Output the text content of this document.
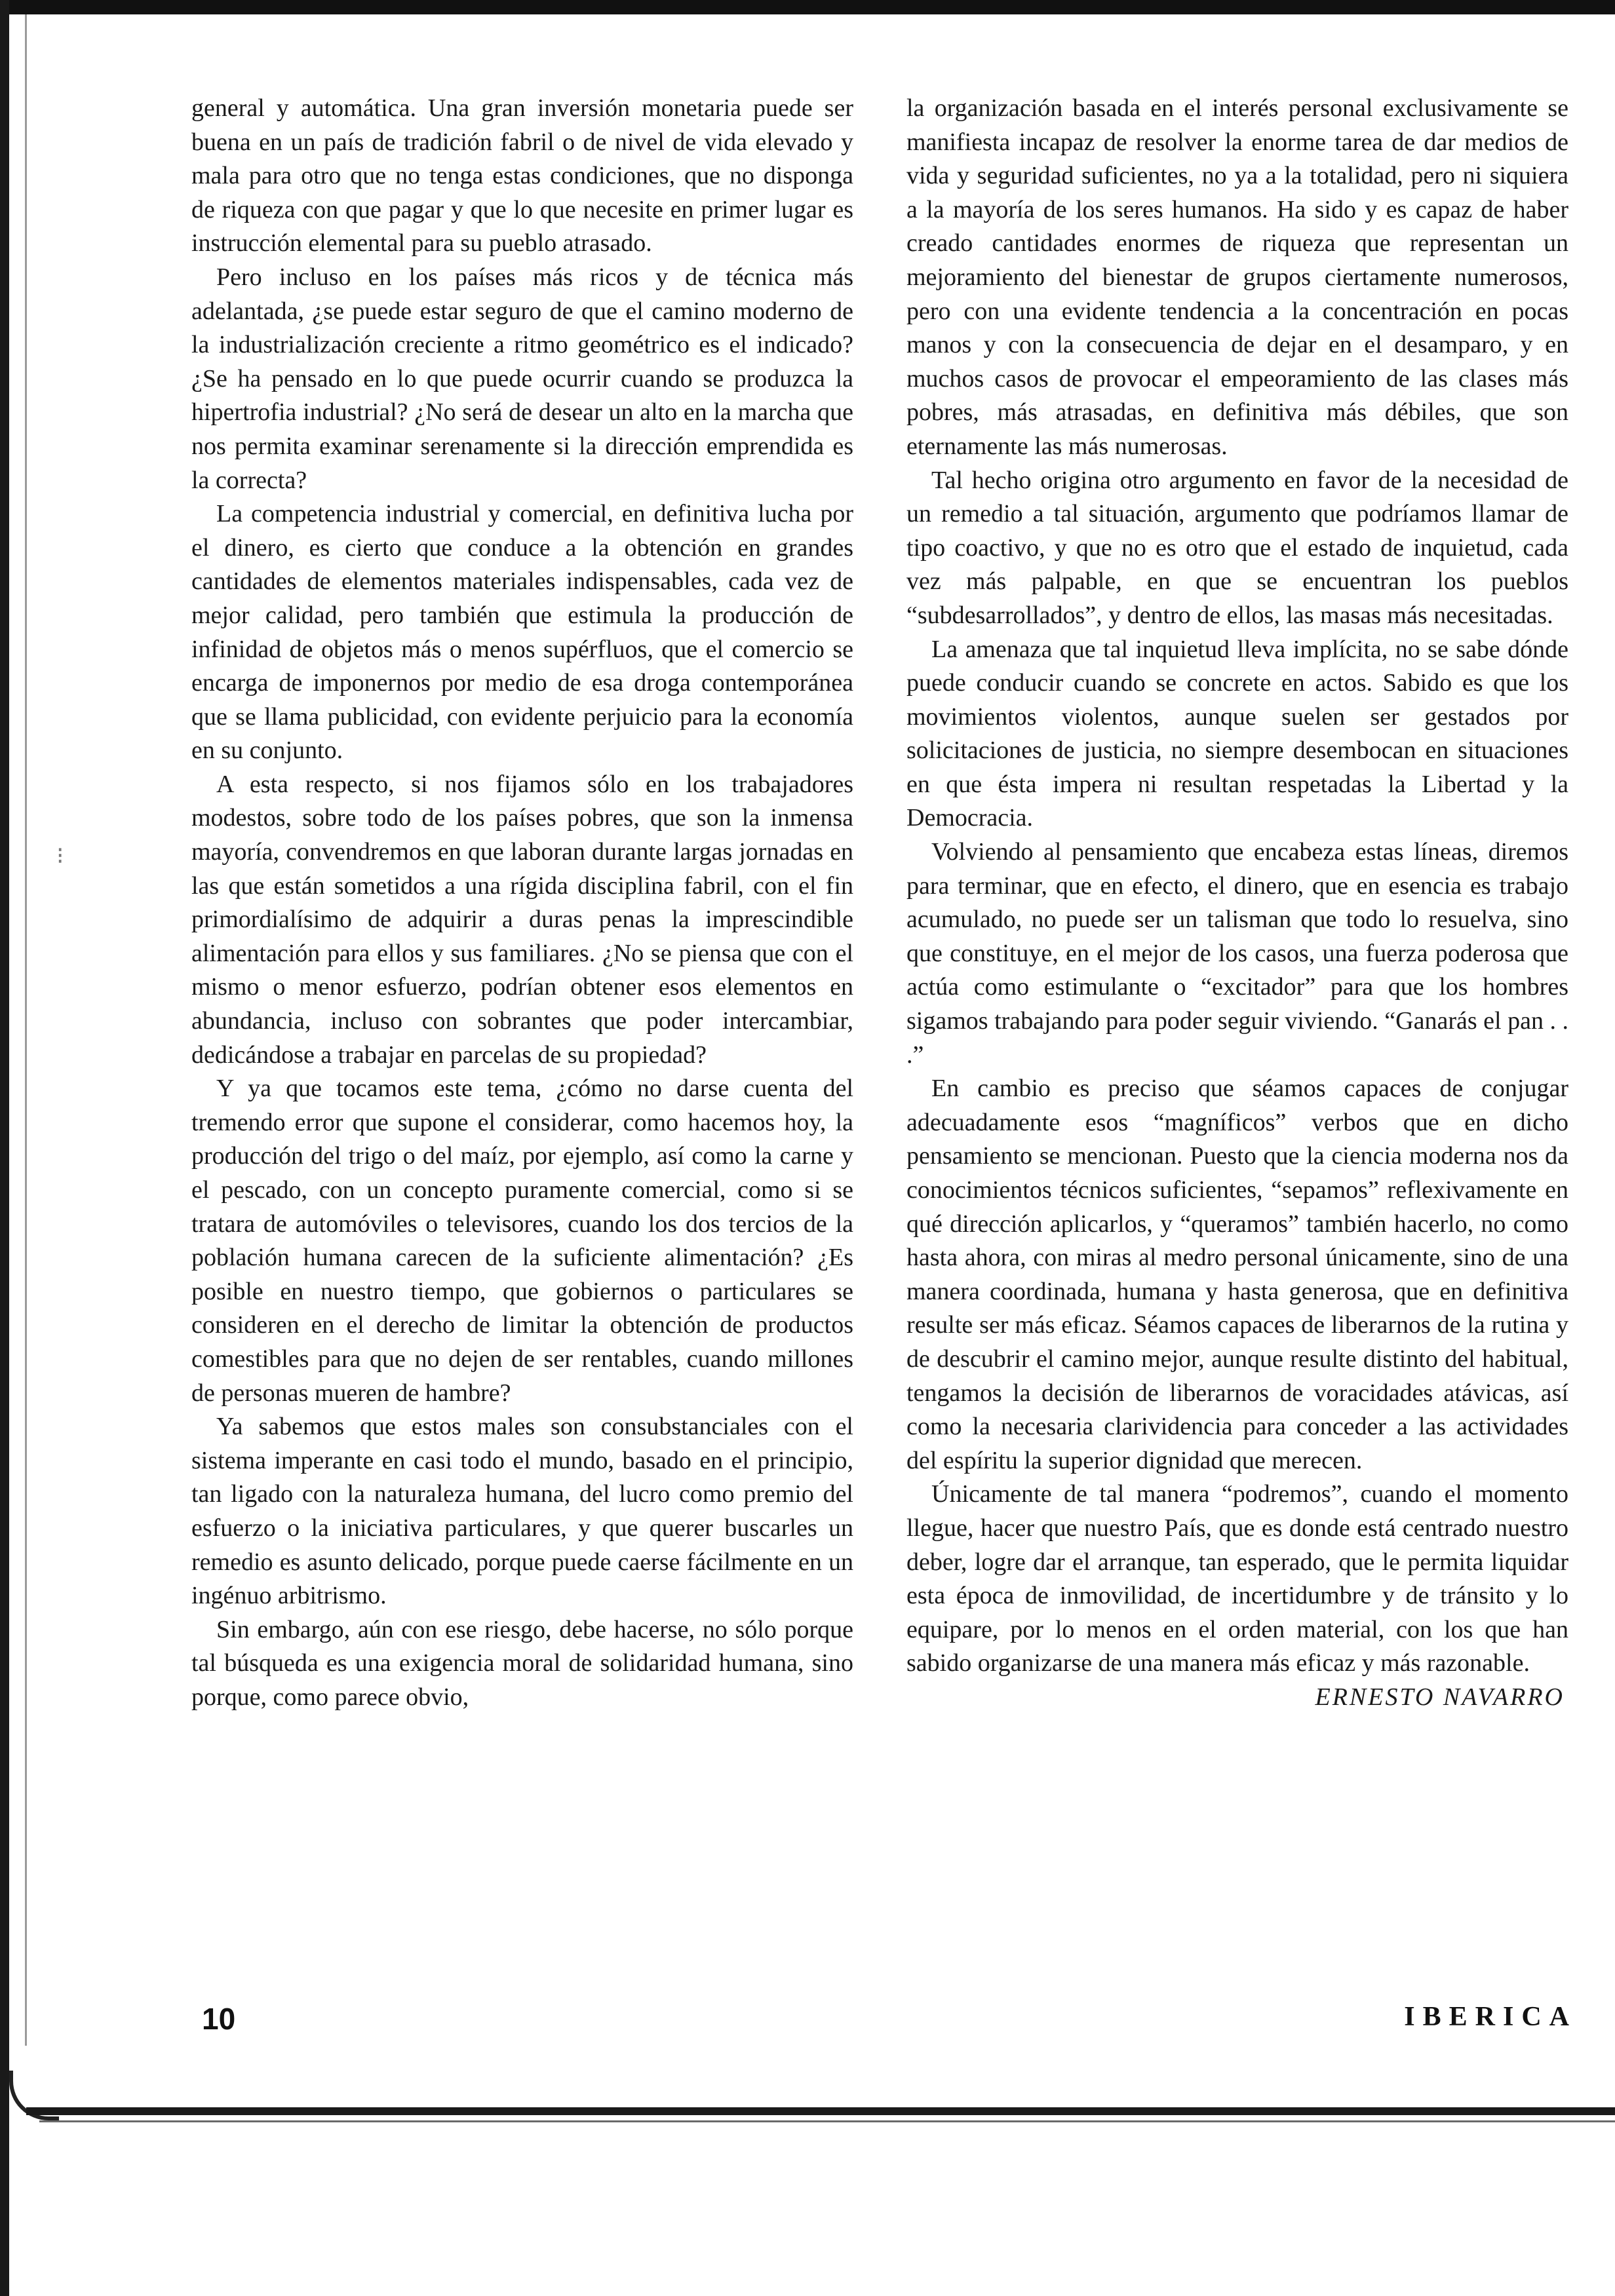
⁝

general y automática. Una gran inversión monetaria puede ser buena en un país de tradición fabril o de nivel de vida elevado y mala para otro que no tenga estas condiciones, que no disponga de riqueza con que pagar y que lo que necesite en primer lugar es instrucción elemental para su pueblo atrasado.

Pero incluso en los países más ricos y de técnica más adelantada, ¿se puede estar seguro de que el camino moderno de la industrialización creciente a ritmo geométrico es el indicado? ¿Se ha pensado en lo que puede ocurrir cuando se produzca la hipertrofia industrial? ¿No será de desear un alto en la marcha que nos permita examinar serenamente si la dirección emprendida es la correcta?

La competencia industrial y comercial, en definitiva lucha por el dinero, es cierto que conduce a la obtención en grandes cantidades de elementos materiales indispensables, cada vez de mejor calidad, pero también que estimula la producción de infinidad de objetos más o menos supérfluos, que el comercio se encarga de imponernos por medio de esa droga contemporánea que se llama publicidad, con evidente perjuicio para la economía en su conjunto.

A esta respecto, si nos fijamos sólo en los trabajadores modestos, sobre todo de los países pobres, que son la inmensa mayoría, convendremos en que laboran durante largas jornadas en las que están sometidos a una rígida disciplina fabril, con el fin primordialísimo de adquirir a duras penas la imprescindible alimentación para ellos y sus familiares. ¿No se piensa que con el mismo o menor esfuerzo, podrían obtener esos elementos en abundancia, incluso con sobrantes que poder intercambiar, dedicándose a trabajar en parcelas de su propiedad?

Y ya que tocamos este tema, ¿cómo no darse cuenta del tremendo error que supone el considerar, como hacemos hoy, la producción del trigo o del maíz, por ejemplo, así como la carne y el pescado, con un concepto puramente comercial, como si se tratara de automóviles o televisores, cuando los dos tercios de la población humana carecen de la suficiente alimentación? ¿Es posible en nuestro tiempo, que gobiernos o particulares se consideren en el derecho de limitar la obtención de productos comestibles para que no dejen de ser rentables, cuando millones de personas mueren de hambre?

Ya sabemos que estos males son consubstanciales con el sistema imperante en casi todo el mundo, basado en el principio, tan ligado con la naturaleza humana, del lucro como premio del esfuerzo o la iniciativa particulares, y que querer buscarles un remedio es asunto delicado, porque puede caerse fácilmente en un ingénuo arbitrismo.

Sin embargo, aún con ese riesgo, debe hacerse, no sólo porque tal búsqueda es una exigencia moral de solidaridad humana, sino porque, como parece obvio,

la organización basada en el interés personal exclusivamente se manifiesta incapaz de resolver la enorme tarea de dar medios de vida y seguridad suficientes, no ya a la totalidad, pero ni siquiera a la mayoría de los seres humanos. Ha sido y es capaz de haber creado cantidades enormes de riqueza que representan un mejoramiento del bienestar de grupos ciertamente numerosos, pero con una evidente tendencia a la concentración en pocas manos y con la consecuencia de dejar en el desamparo, y en muchos casos de provocar el empeoramiento de las clases más pobres, más atrasadas, en definitiva más débiles, que son eternamente las más numerosas.

Tal hecho origina otro argumento en favor de la necesidad de un remedio a tal situación, argumento que podríamos llamar de tipo coactivo, y que no es otro que el estado de inquietud, cada vez más palpable, en que se encuentran los pueblos “subdesarrollados”, y dentro de ellos, las masas más necesitadas.

La amenaza que tal inquietud lleva implícita, no se sabe dónde puede conducir cuando se concrete en actos. Sabido es que los movimientos violentos, aunque suelen ser gestados por solicitaciones de justicia, no siempre desembocan en situaciones en que ésta impera ni resultan respetadas la Libertad y la Democracia.

Volviendo al pensamiento que encabeza estas líneas, diremos para terminar, que en efecto, el dinero, que en esencia es trabajo acumulado, no puede ser un talisman que todo lo resuelva, sino que constituye, en el mejor de los casos, una fuerza poderosa que actúa como estimulante o “excitador” para que los hombres sigamos trabajando para poder seguir viviendo. “Ganarás el pan . . .”

En cambio es preciso que séamos capaces de conjugar adecuadamente esos “magníficos” verbos que en dicho pensamiento se mencionan. Puesto que la ciencia moderna nos da conocimientos técnicos suficientes, “sepamos” reflexivamente en qué dirección aplicarlos, y “queramos” también hacerlo, no como hasta ahora, con miras al medro personal únicamente, sino de una manera coordinada, humana y hasta generosa, que en definitiva resulte ser más eficaz. Séamos capaces de liberarnos de la rutina y de descubrir el camino mejor, aunque resulte distinto del habitual, tengamos la decisión de liberarnos de voracidades atávicas, así como la necesaria clarividencia para conceder a las actividades del espíritu la superior dignidad que merecen.

Únicamente de tal manera “podremos”, cuando el momento llegue, hacer que nuestro País, que es donde está centrado nuestro deber, logre dar el arranque, tan esperado, que le permita liquidar esta época de inmovilidad, de incertidumbre y de tránsito y lo equipare, por lo menos en el orden material, con los que han sabido organizarse de una manera más eficaz y más razonable.

ERNESTO NAVARRO

10	IBERICA
